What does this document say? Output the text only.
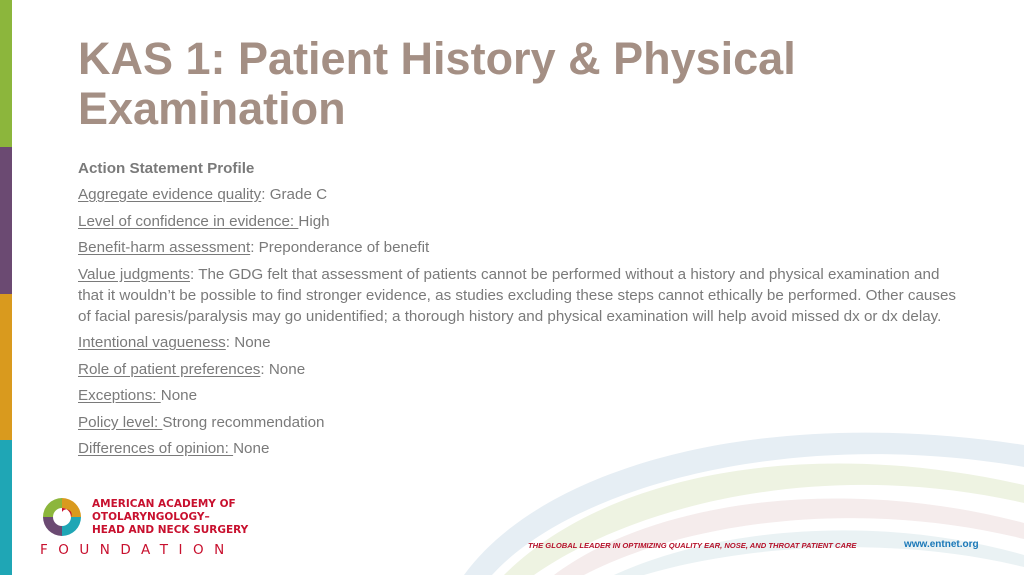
KAS 1: Patient History & Physical Examination
Action Statement Profile
Aggregate evidence quality: Grade C
Level of confidence in evidence: High
Benefit-harm assessment: Preponderance of benefit
Value judgments: The GDG felt that assessment of patients cannot be performed without a history and physical examination and that it wouldn’t be possible to find stronger evidence, as studies excluding these steps cannot ethically be performed. Other causes of facial paresis/paralysis may go unidentified; a thorough history and physical examination will help avoid missed dx or dx delay.
Intentional vagueness: None
Role of patient preferences: None
Exceptions: None
Policy level: Strong recommendation
Differences of opinion: None
AMERICAN ACADEMY OF
OTOLARYNGOLOGY–
HEAD AND NECK SURGERY
FOUNDATION	THE GLOBAL LEADER IN OPTIMIZING QUALITY EAR, NOSE, AND THROAT PATIENT CARE	www.entnet.org
